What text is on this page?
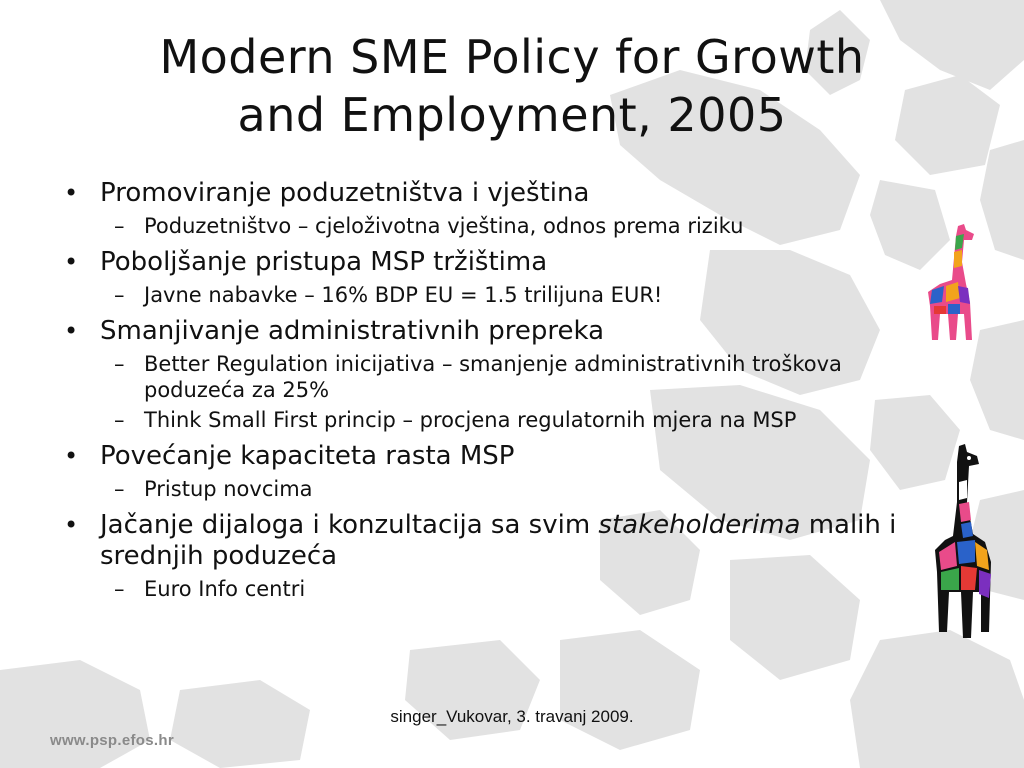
Modern SME Policy for Growth
and Employment, 2005
• Promoviranje poduzetništva i vještina
– Poduzetništvo – cjeloživotna vještina, odnos prema riziku
• Poboljšanje pristupa MSP tržištima
– Javne nabavke – 16% BDP EU = 1.5 trilijuna EUR!
• Smanjivanje administrativnih prepreka
– Better Regulation inicijativa – smanjenje administrativnih troškova poduzeća za 25%
– Think Small First princip – procjena regulatornih mjera na MSP
• Povećanje kapaciteta rasta MSP
– Pristup novcima
• Jačanje dijaloga i konzultacija sa svim stakeholderima malih i srednjih poduzeća
– Euro Info centri
singer_Vukovar, 3. travanj 2009.
www.psp.efos.hr
